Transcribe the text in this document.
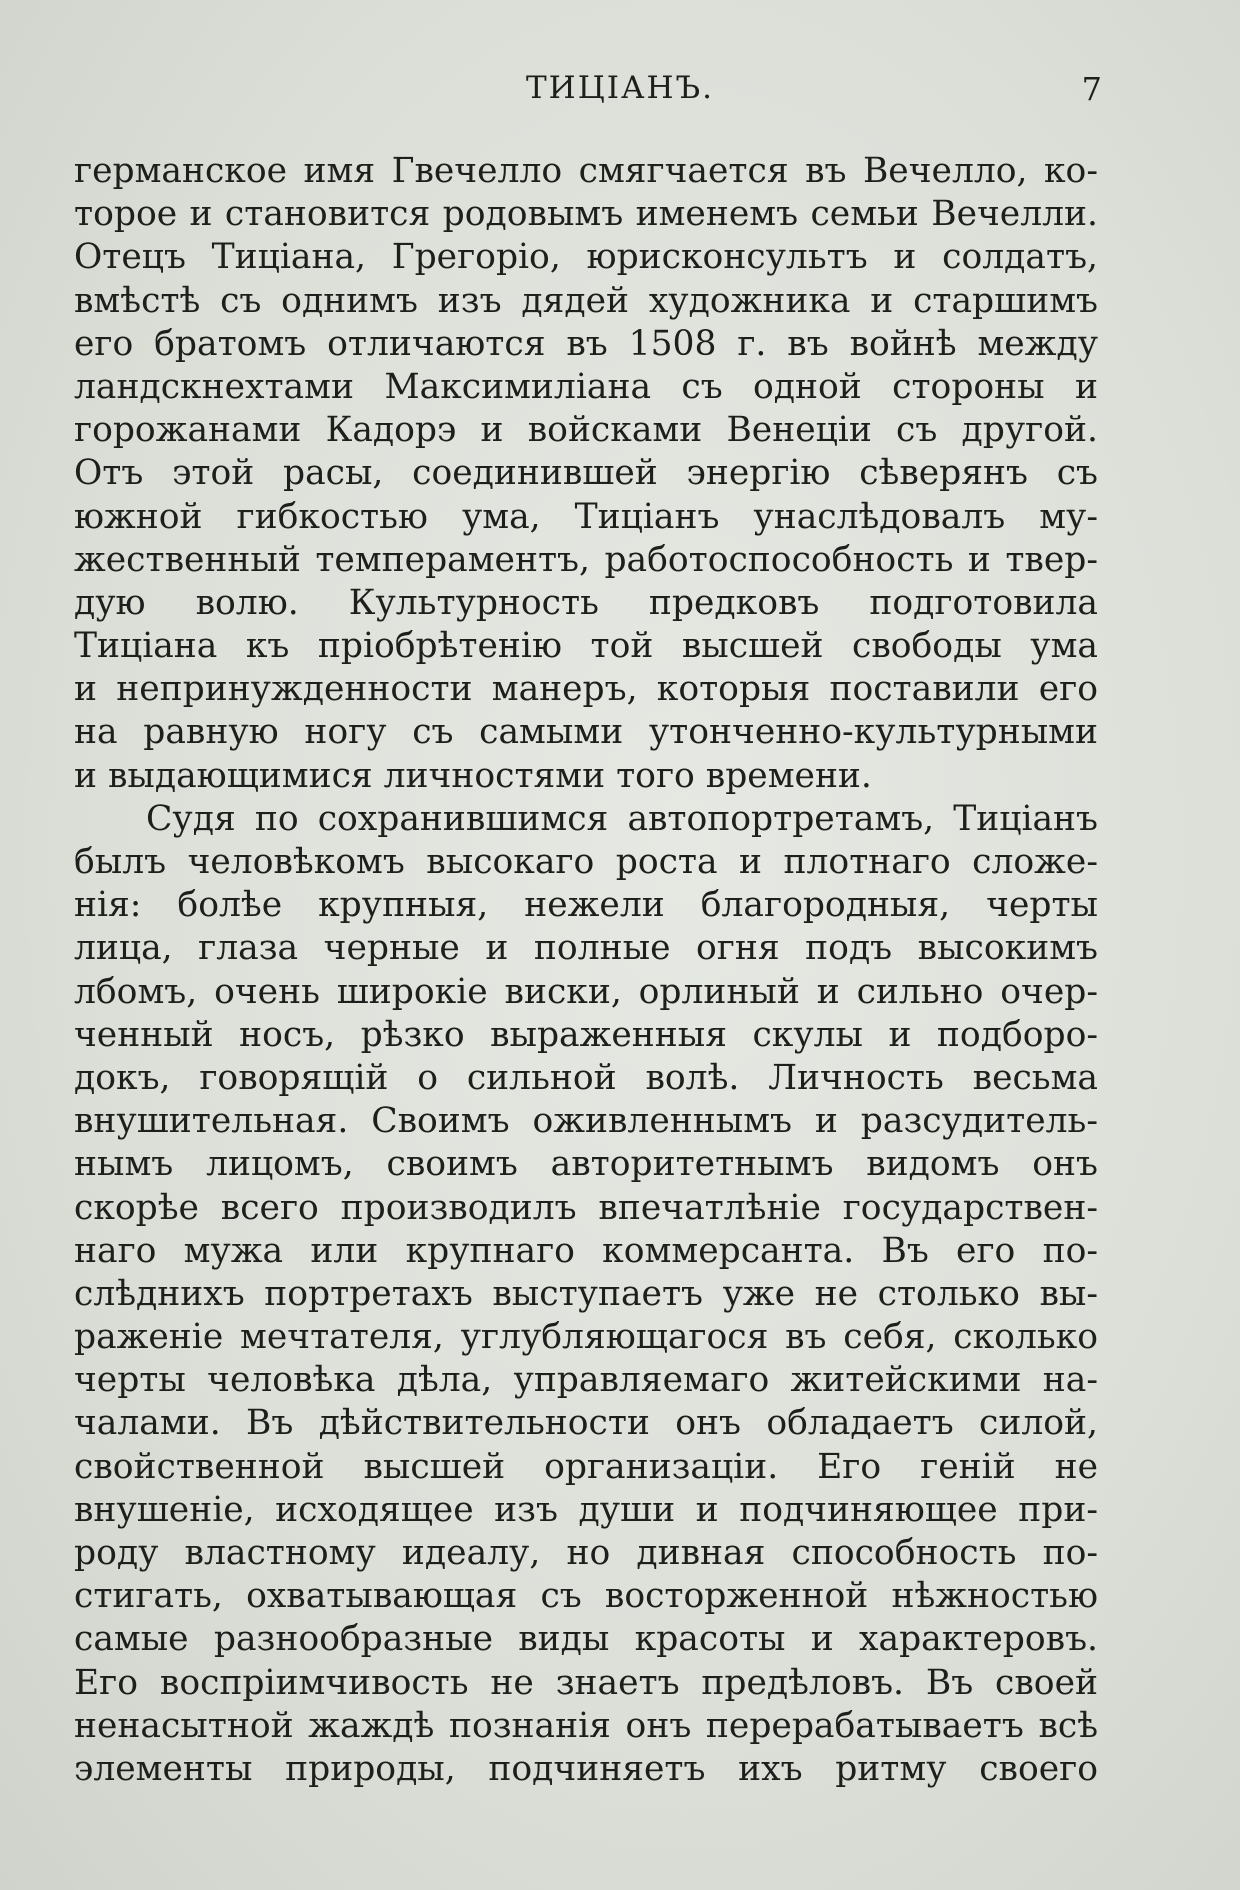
ТИЦІАНЪ.	7
германское имя Гвечелло смягчается въ Вечелло, ко-
торое и становится родовымъ именемъ семьи Вечелли.
Отецъ Тиціана, Грегоріо, юрисконсультъ и солдатъ,
вмѣстѣ съ однимъ изъ дядей художника и старшимъ
его братомъ отличаются въ 1508 г. въ войнѣ между
ландскнехтами Максимиліана съ одной стороны и
горожанами Кадорэ и войсками Венеціи съ другой.
Отъ этой расы, соединившей энергію сѣверянъ съ
южной гибкостью ума, Тиціанъ унаслѣдовалъ му-
жественный темпераментъ, работоспособность и твер-
дую волю. Культурность предковъ подготовила
Тиціана къ пріобрѣтенію той высшей свободы ума
и непринужденности манеръ, которыя поставили его
на равную ногу съ самыми утонченно-культурными
и выдающимися личностями того времени.
Судя по сохранившимся автопортретамъ, Тиціанъ
былъ человѣкомъ высокаго роста и плотнаго сложе-
нія: болѣе крупныя, нежели благородныя, черты
лица, глаза черные и полные огня подъ высокимъ
лбомъ, очень широкіе виски, орлиный и сильно очер-
ченный носъ, рѣзко выраженныя скулы и подборо-
докъ, говорящій о сильной волѣ. Личность весьма
внушительная. Своимъ оживленнымъ и разсудитель-
нымъ лицомъ, своимъ авторитетнымъ видомъ онъ
скорѣе всего производилъ впечатлѣніе государствен-
наго мужа или крупнаго коммерсанта. Въ его по-
слѣднихъ портретахъ выступаетъ уже не столько вы-
раженіе мечтателя, углубляющагося въ себя, сколько
черты человѣка дѣла, управляемаго житейскими на-
чалами. Въ дѣйствительности онъ обладаетъ силой,
свойственной высшей организаціи. Его геній не
внушеніе, исходящее изъ души и подчиняющее при-
роду властному идеалу, но дивная способность по-
стигать, охватывающая съ восторженной нѣжностью
самые разнообразные виды красоты и характеровъ.
Его воспріимчивость не знаетъ предѣловъ. Въ своей
ненасытной жаждѣ познанія онъ перерабатываетъ всѣ
элементы природы, подчиняетъ ихъ ритму своего
